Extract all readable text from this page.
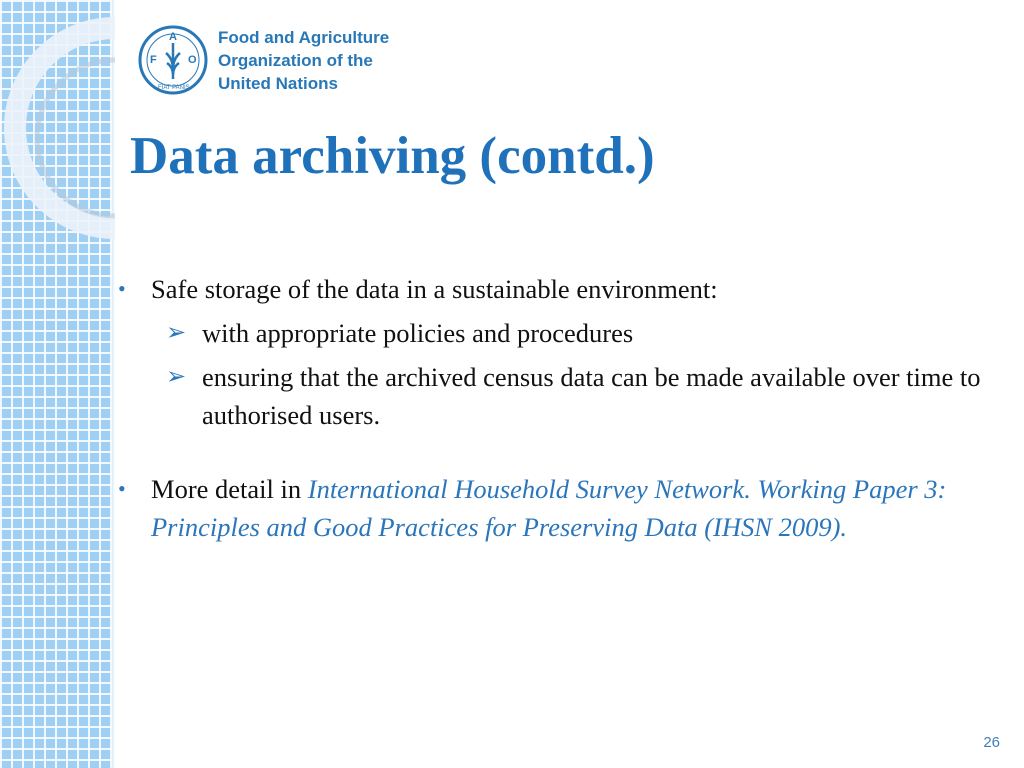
F
A
O
FIAT PANIS
Food and Agriculture
Organization of the
United Nations
Data archiving (contd.)
• Safe storage of the data in a sustainable environment:
➢ with appropriate policies and procedures
➢ ensuring that the archived census data can be made available over time to authorised users.
• More detail in International Household Survey Network. Working Paper 3: Principles and Good Practices for Preserving Data (IHSN 2009).
26
